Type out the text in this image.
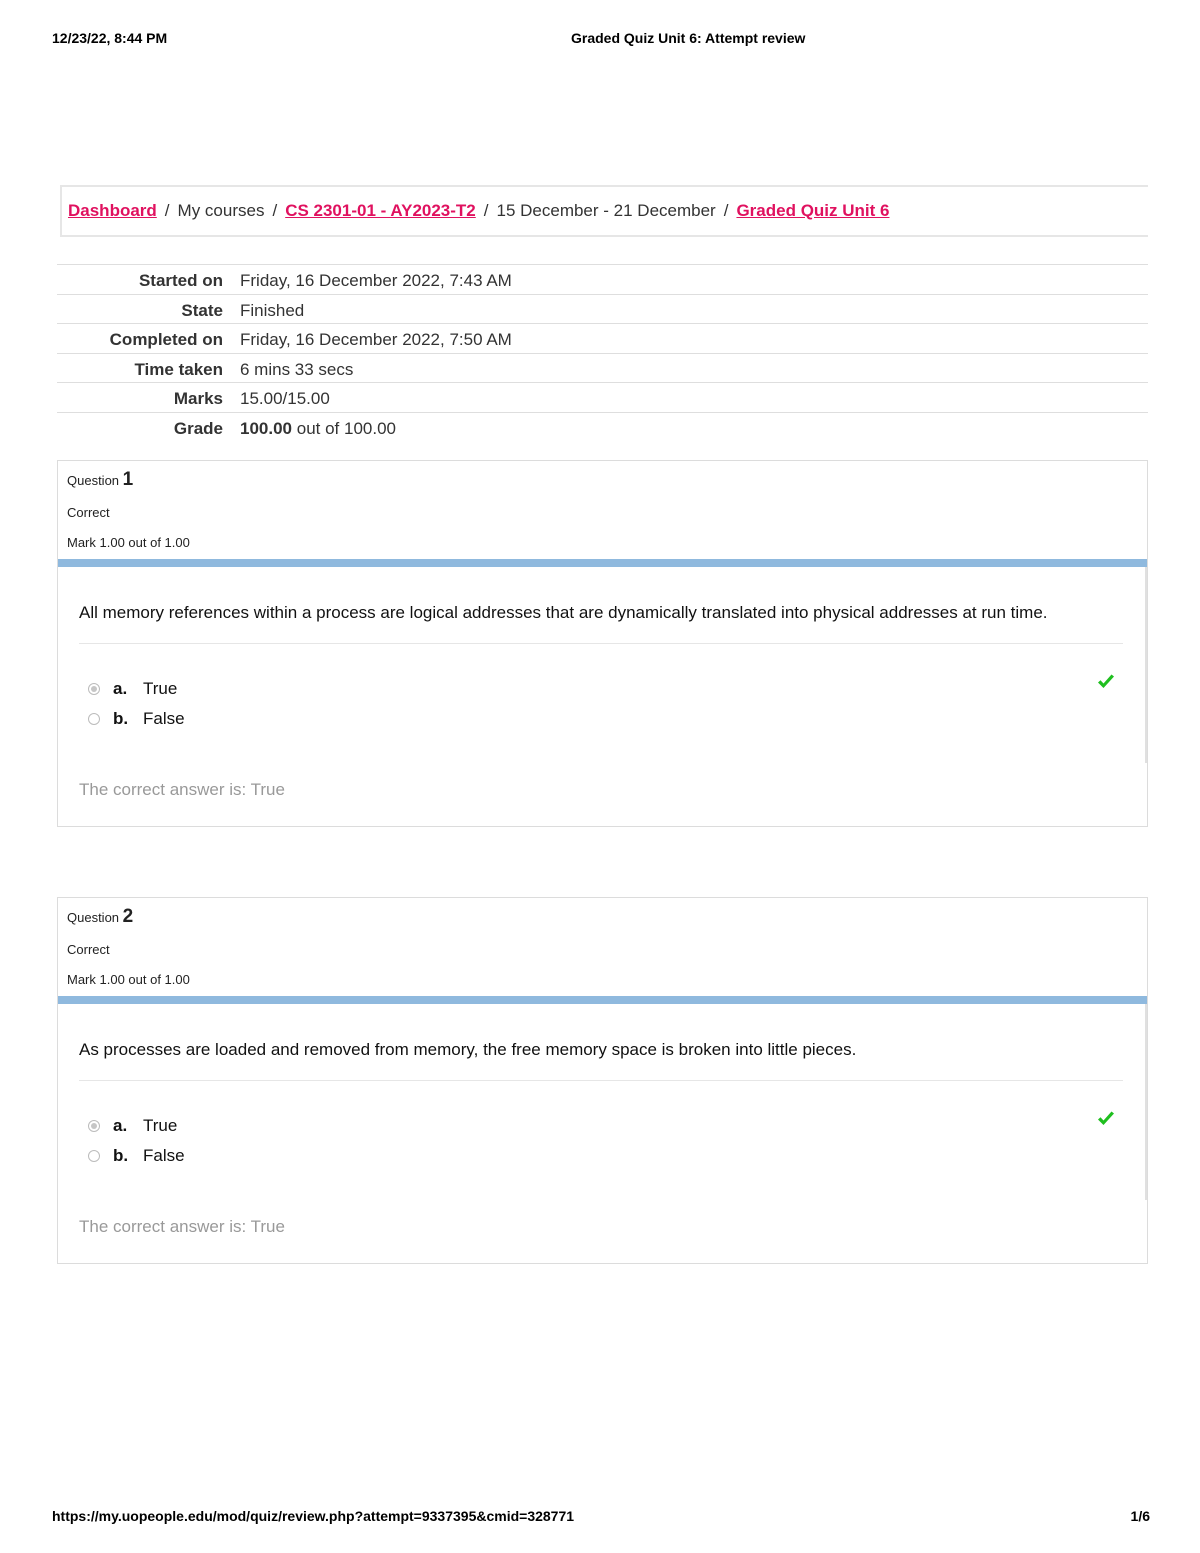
12/23/22, 8:44 PM	Graded Quiz Unit 6: Attempt review
Dashboard / My courses / CS 2301-01 - AY2023-T2 / 15 December - 21 December / Graded Quiz Unit 6
Started on Friday, 16 December 2022, 7:43 AM
State Finished
Completed on Friday, 16 December 2022, 7:50 AM
Time taken 6 mins 33 secs
Marks 15.00/15.00
Grade 100.00 out of 100.00
Question 1
Correct
Mark 1.00 out of 1.00
All memory references within a process are logical addresses that are dynamically translated into physical addresses at run time.
a. True
b. False
The correct answer is: True
Question 2
Correct
Mark 1.00 out of 1.00
As processes are loaded and removed from memory, the free memory space is broken into little pieces.
a. True
b. False
The correct answer is: True
https://my.uopeople.edu/mod/quiz/review.php?attempt=9337395&cmid=328771	1/6
